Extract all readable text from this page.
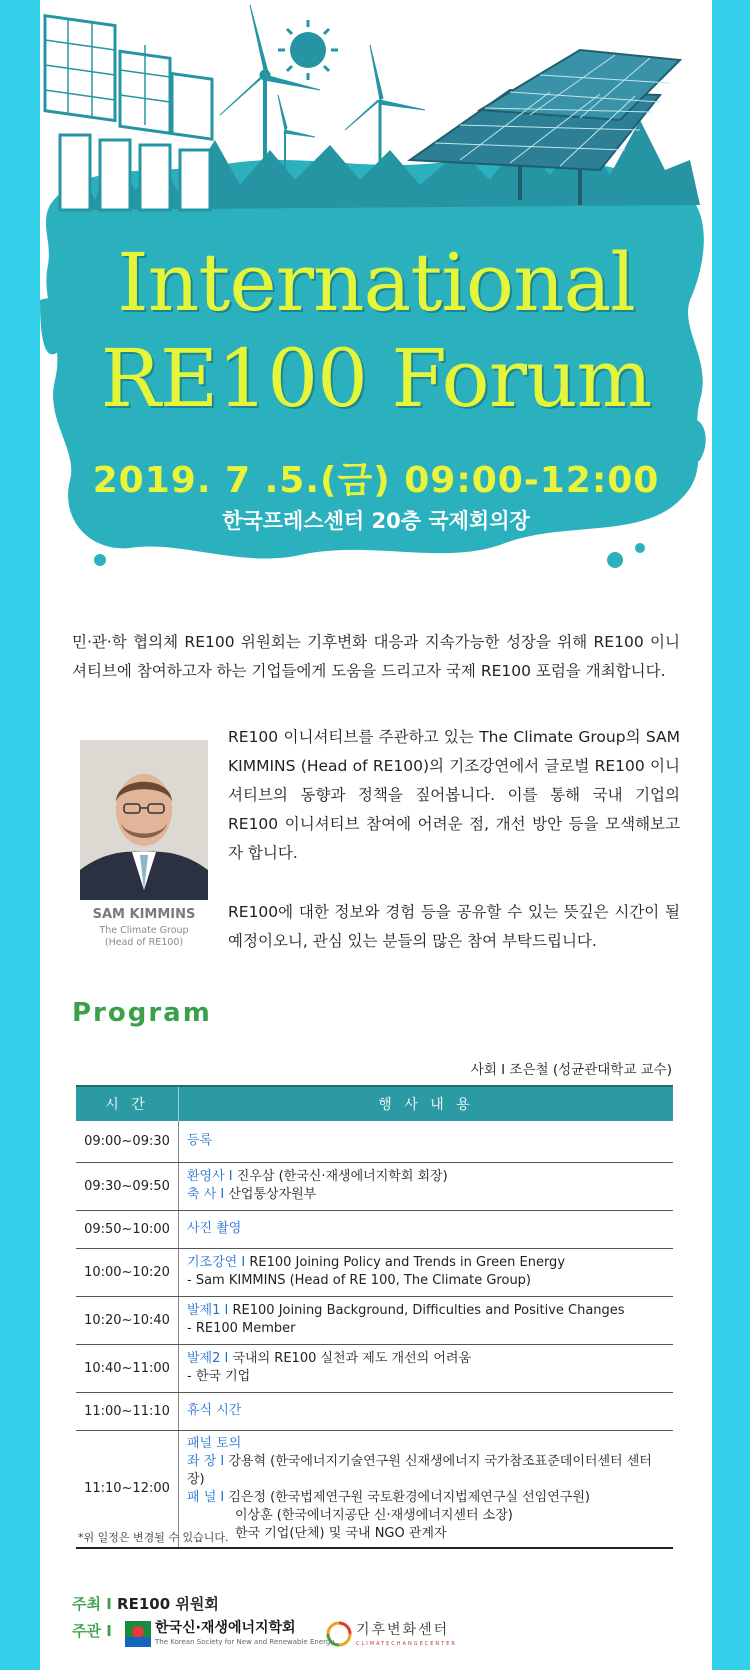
International
RE100 Forum
2019. 7 .5.(금) 09:00-12:00
한국프레스센터 20층 국제회의장
민·관·학 협의체 RE100 위원회는 기후변화 대응과 지속가능한 성장을 위해 RE100 이니셔티브에 참여하고자 하는 기업들에게 도움을 드리고자 국제 RE100 포럼을 개최합니다.
SAM KIMMINS
The Climate Group
(Head of RE100)
RE100 이니셔티브를 주관하고 있는 The Climate Group의 SAM KIMMINS (Head of RE100)의 기조강연에서 글로벌 RE100 이니셔티브의 동향과 정책을 짚어봅니다. 이를 통해 국내 기업의 RE100 이니셔티브 참여에 어려운 점, 개선 방안 등을 모색해보고자 합니다.
RE100에 대한 정보와 경험 등을 공유할 수 있는 뜻깊은 시간이 될 예정이오니, 관심 있는 분들의 많은 참여 부탁드립니다.
Program
사회 I 조은철 (성균관대학교 교수)
시 간	행 사 내 용
09:00~09:30	등록
09:30~09:50	환영사 I 진우삼 (한국신·재생에너지학회 회장)
축 사 I 산업통상자원부

09:50~10:00	사진 촬영
10:00~10:20	기조강연 I RE100 Joining Policy and Trends in Green Energy
- Sam KIMMINS (Head of RE 100, The Climate Group)

10:20~10:40	발제1 I RE100 Joining Background, Difficulties and Positive Changes
- RE100 Member

10:40~11:00	발제2 I 국내의 RE100 실천과 제도 개선의 어려움
- 한국 기업

11:00~11:10	휴식 시간
11:10~12:00	패널 토의
좌 장 I 강용혁 (한국에너지기술연구원 신재생에너지 국가참조표준데이터센터 센터장)
패 널 I 김은정 (한국법제연구원 국토환경에너지법제연구실 선임연구원)
이상훈 (한국에너지공단 신·재생에너지센터 소장)
한국 기업(단체) 및 국내 NGO 관계자
*위 일정은 변경될 수 있습니다.
주최 I RE100 위원회
주관 I	한국신·재생에너지학회
The Korean Society for New and Renewable Energy
기후변화센터
CLIMATECHANGECENTER
